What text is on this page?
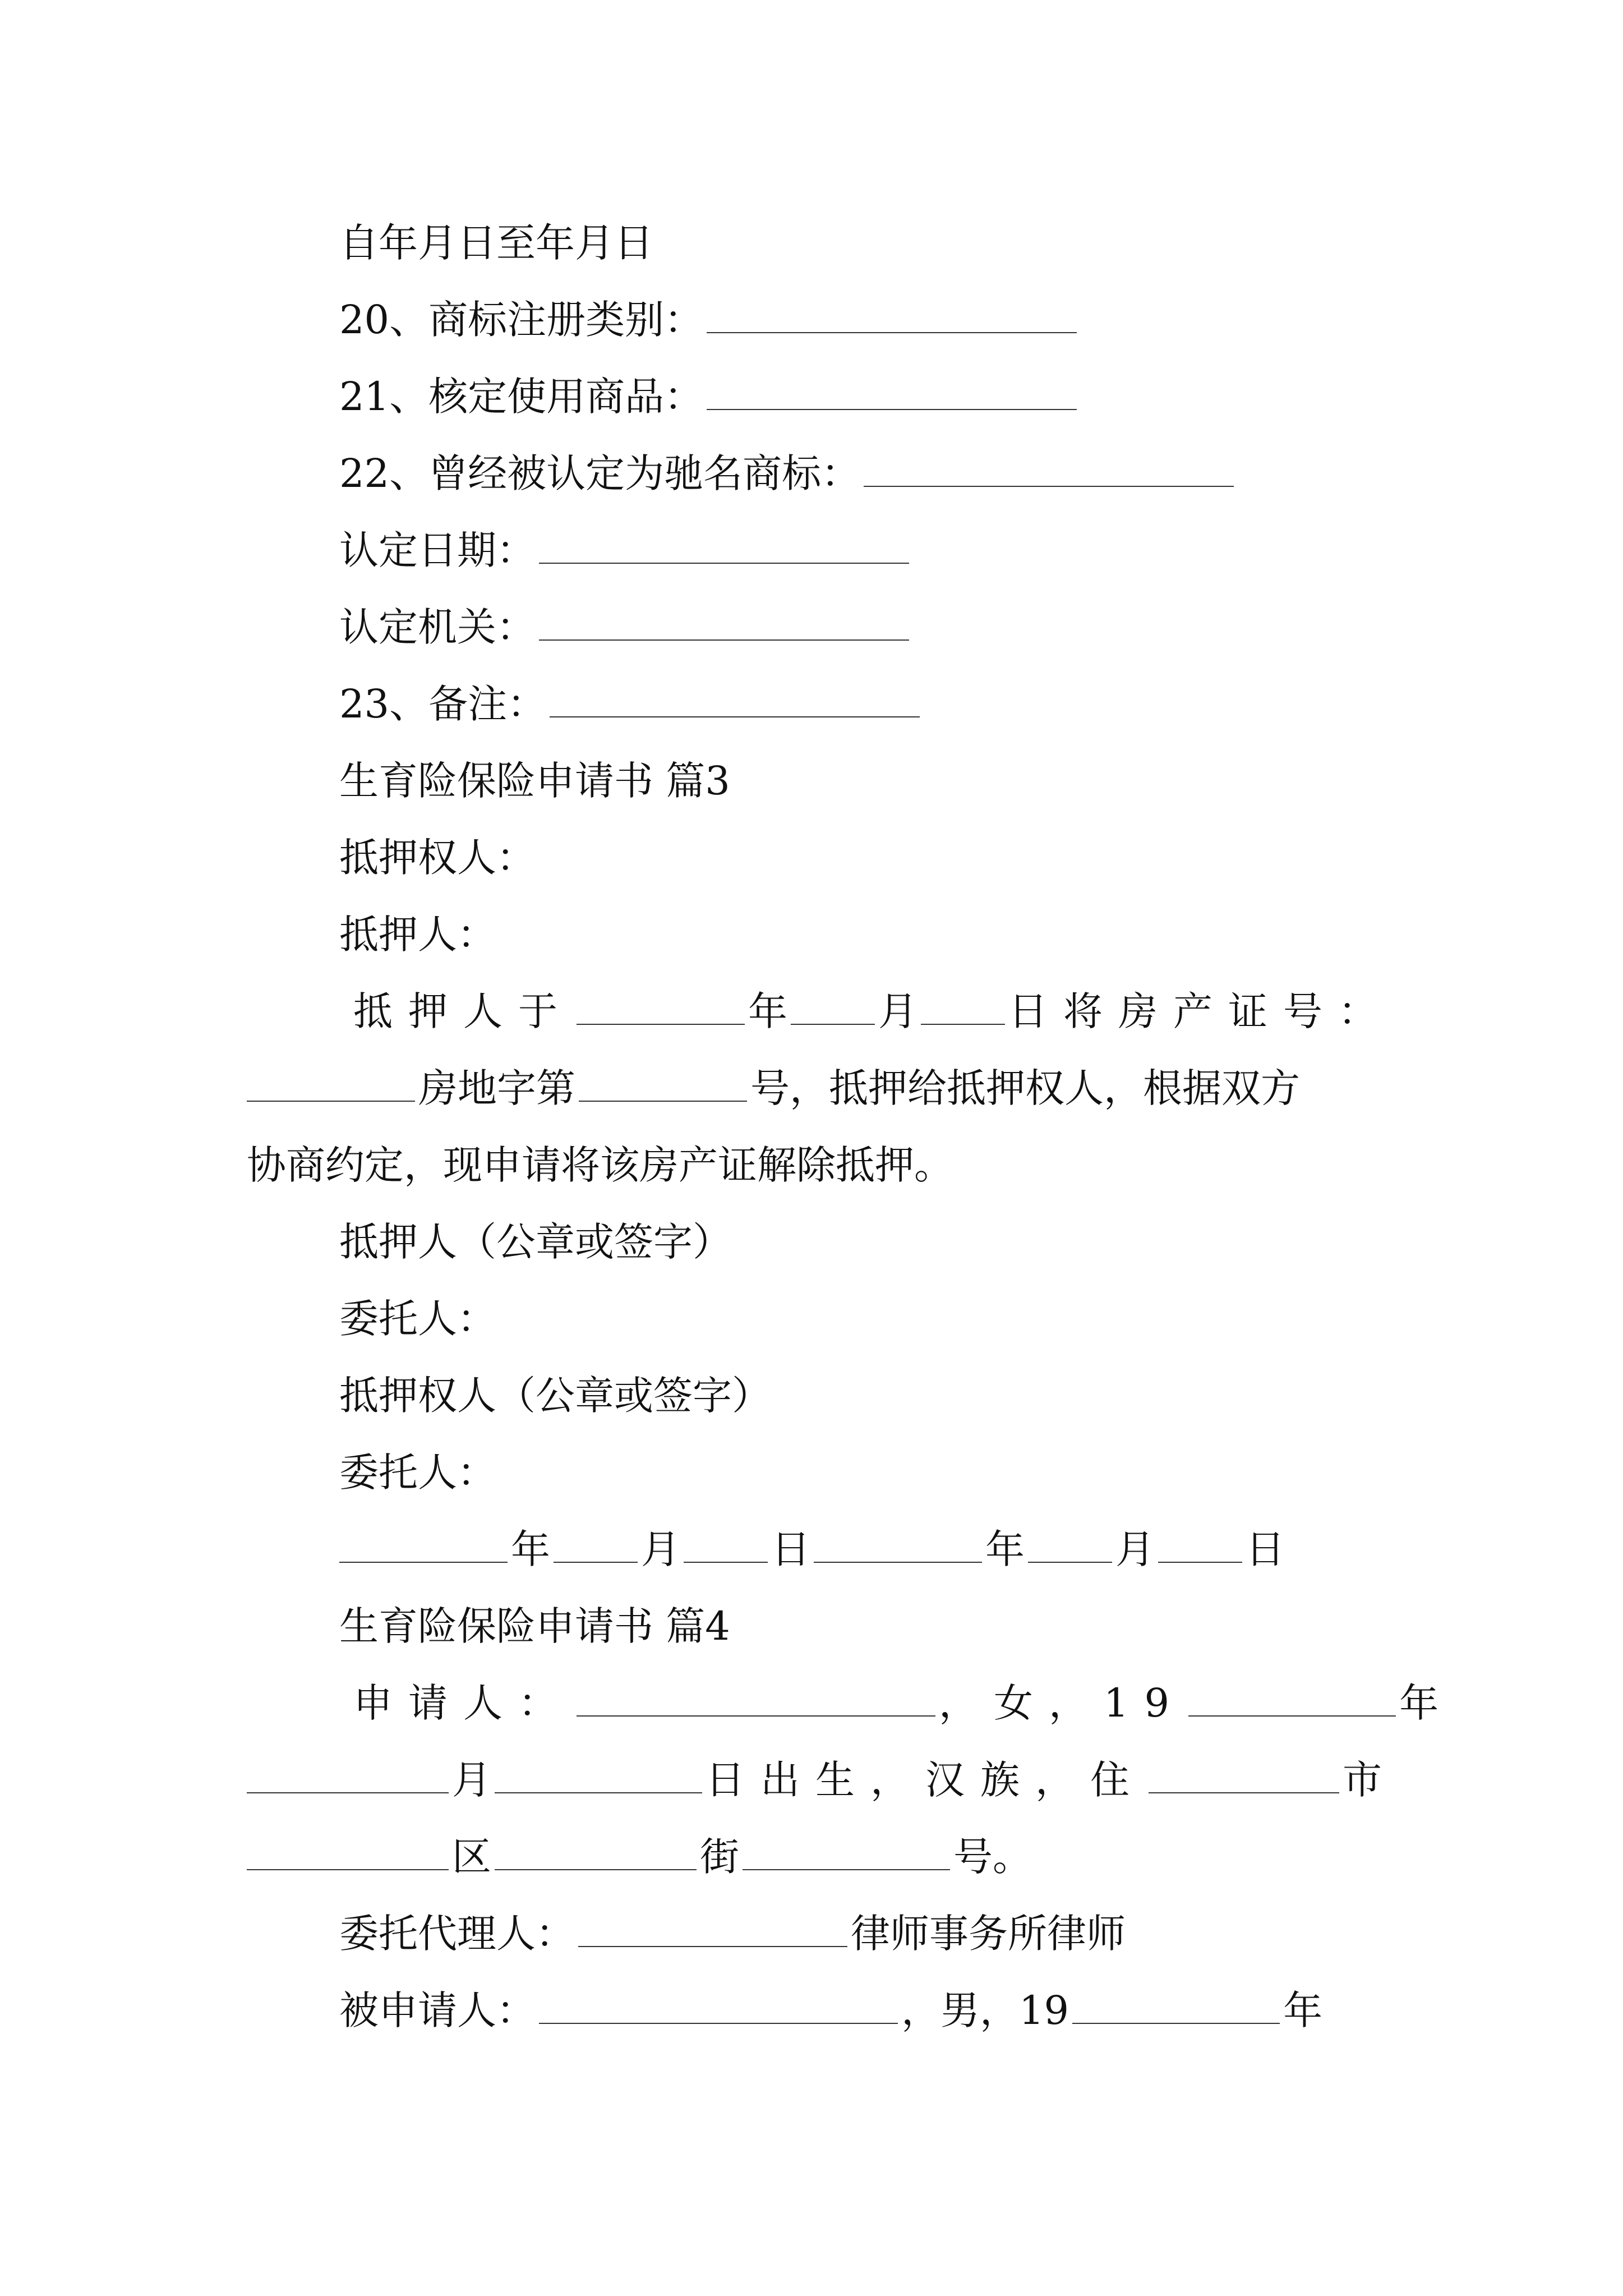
自年月日至年月日
20、商标注册类别：
21、核定使用商品：
22、曾经被认定为驰名商标：
认定日期：
认定机关：
23、备注：
生育险保险申请书 篇3
抵押权人：
抵押人：
抵押人于	年 月 日将房产证号：
房地字第	号，抵押给抵押权人，根据双方
协商约定，现申请将该房产证解除抵押。
抵押人（公章或签字）
委托人：
抵押权人（公章或签字）
委托人：
年 月 日	年 月 日
生育险保险申请书 篇4
申请人：	，女，19	年
月	日出生，汉族，住	市
区	街	号。
委托代理人：	律师事务所律师
被申请人：	，男，19	年
